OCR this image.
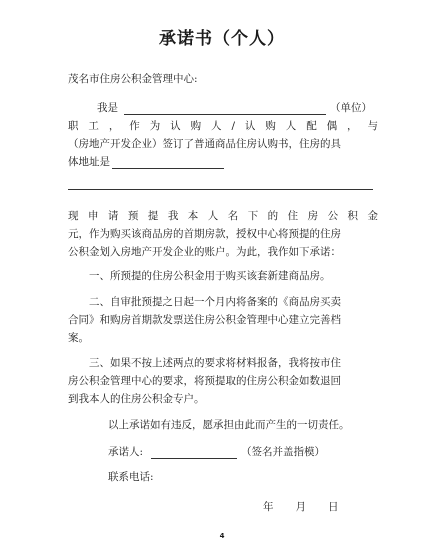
承诺书（个人）
茂名市住房公积金管理中心:
我是	（单位）
职工，作为认购人/认购人配偶，与
（房地产开发企业）签订了普通商品住房认购书，住房的具
体地址是
现申请预提我本人名下的住房公积金
元，作为购买该商品房的首期房款，授权中心将预提的住房
公积金划入房地产开发企业的账户。为此，我作如下承诺：
一、所预提的住房公积金用于购买该套新建商品房。
二、自审批预提之日起一个月内将备案的《商品房买卖
合同》和购房首期款发票送住房公积金管理中心建立完善档
案。
三、如果不按上述两点的要求将材料报备，我将按市住
房公积金管理中心的要求，将预提取的住房公积金如数退回
到我本人的住房公积金专户。
以上承诺如有违反，愿承担由此而产生的一切责任。
承诺人:	（签名并盖指模）
联系电话:
年 月 日
4
